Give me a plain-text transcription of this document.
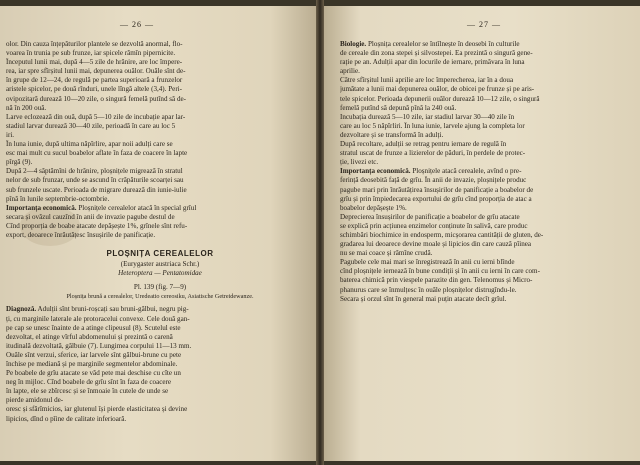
— 26 —
olor. Din cauza înțepăturilor plantele se dezvoltă anormal, flo-
voarea în trunia pe sub frunze, iar spicele rămîn pipernicite.
Începutul lunii mai, după 4—5 zile de hrănire, are loc împere-
rea, iar spre sfîrșitul lunii mai, depunerea ouălor. Ouăle sînt de-
în grupe de 12—24, de regulă pe partea superioară a frunzelor
aristele spicelor, pe două rînduri, unele lîngă altele (3,4). Peri-
ovipozitară durează 10—20 zile, o singură femelă putînd să de-
nă în 200 ouă.
Larve eclozează din ouă, după 5—10 zile de incubație apar lar-
stadiul larvar durează 30—40 zile, perioadă în care au loc 5
iri.
În luna iunie, după ultima năpîrlire, apar noii adulți care se
esc mai mult cu sucul boabelor aflate în faza de coacere în lapte
pîrgă (9).
După 2—4 săptămîni de hrănire, ploșnițele migrează în stratul
nelor de sub frunzar, unde se ascund în crăpăturile scoarței sau
sub frunzele uscate. Perioada de migrare durează din iunie-iulie
pînă în lunile septembrie-octombrie.
Importanța economică. Ploșnițele cerealelor atacă în special grîul
secara și ovăzul cauzînd în anii de invazie pagube destul de
Cînd proporția de boabe atacate depășește 1%, grînele sînt refu-
export, deoarece înrăutățesc însușirile de panificație.
PLOȘNIȚA CEREALELOR
(Eurygaster austriaca Schr.)
Heteroptera — Pentatomidae
Pl. 139 (fig. 7—9)
Ploșnița brună a cerealelor, Uredeatio cereosiku, Asiatische Getreidewanze.
Diagnoză. Adulții sînt bruni-roșcați sau bruni-gălbui, negru pig-
ți, cu marginile laterale ale protoracelui convexe. Cele două gan-
pe cap se unesc înainte de a atinge clipeusul (8). Scutelul este
dezvoltat, el atinge vîrful abdomenului și prezintă o carenă
itudinală dezvoltată, gălbuie (7). Lungimea corpului 11—13 mm.
Ouăle sînt verzui, sferice, iar larvele sînt gălbui-brune cu pete
închise pe mediană și pe marginile segmentelor abdominale.
Pe boabele de grîu atacate se văd pete mai deschise cu cîte un
neg în mijloc. Cînd boabele de grîu sînt în faza de coacere
în lapte, ele se zbîrcesc și se înmoaie în cutele de unde se
pierde amidonul de-
oresc și sfărîmicios, iar glutenul își pierde elasticitatea și devine
lipicios, dînd o pîine de calitate inferioară.
— 27 —
Biologie. Ploșnița cerealelor se întîlnește în deosebi în culturile
de cereale din zona stepei și silvostepei. Ea prezintă o singură gene-
rație pe an. Adulții apar din locurile de iernare, primăvara în luna
aprilie.
Către sfîrșitul lunii aprilie are loc împerecherea, iar în a doua
jumătate a lunii mai depunerea ouălor, de obicei pe frunze și pe aris-
tele spicelor. Perioada depunerii ouălor durează 10—12 zile, o singură
femelă putînd să depună pînă la 240 ouă.
Incubația durează 5—10 zile, iar stadiul larvar 30—40 zile în
care au loc 5 năpîrliri. În luna iunie, larvele ajung la completa lor
dezvoltare și se transformă în adulți.
După recoltare, adulții se retrag pentru iernare de regulă în
stratul uscat de frunze a lizierelor de păduri, în perdele de protec-
ție, livezi etc.
Importanța economică. Ploșnițele atacă cerealele, avînd o pre-
ferință deosebită față de grîu. În anii de invazie, ploșnițele produc
pagube mari prin înrăutățirea însușirilor de panificație a boabelor de
grîu și prin împiedecarea exportului de grîu cînd proporția de atac a
boabelor depășește 1%.
Deprecierea însușirilor de panificație a boabelor de grîu atacate
se explică prin acțiunea enzimelor conținute în salivă, care produc
schimbări biochimice in endosperm, micșorarea cantității de gluten, de-
gradarea lui deoarece devine moale și lipicios din care cauză pîinea
nu se mai coace și rămîne crudă.
Pagubele cele mai mari se înregistrează în anii cu ierni blînde
cînd ploșnițele iernează în bune condiții și în anii cu ierni în care com-
baterea chimică prin viespele parazite din gen. Telenomus și Micro-
phanurus care se înmulțesc în ouăle ploșnițelor distrugîndu-le.
Secara și orzul sînt în general mai puțin atacate decît grîul.
